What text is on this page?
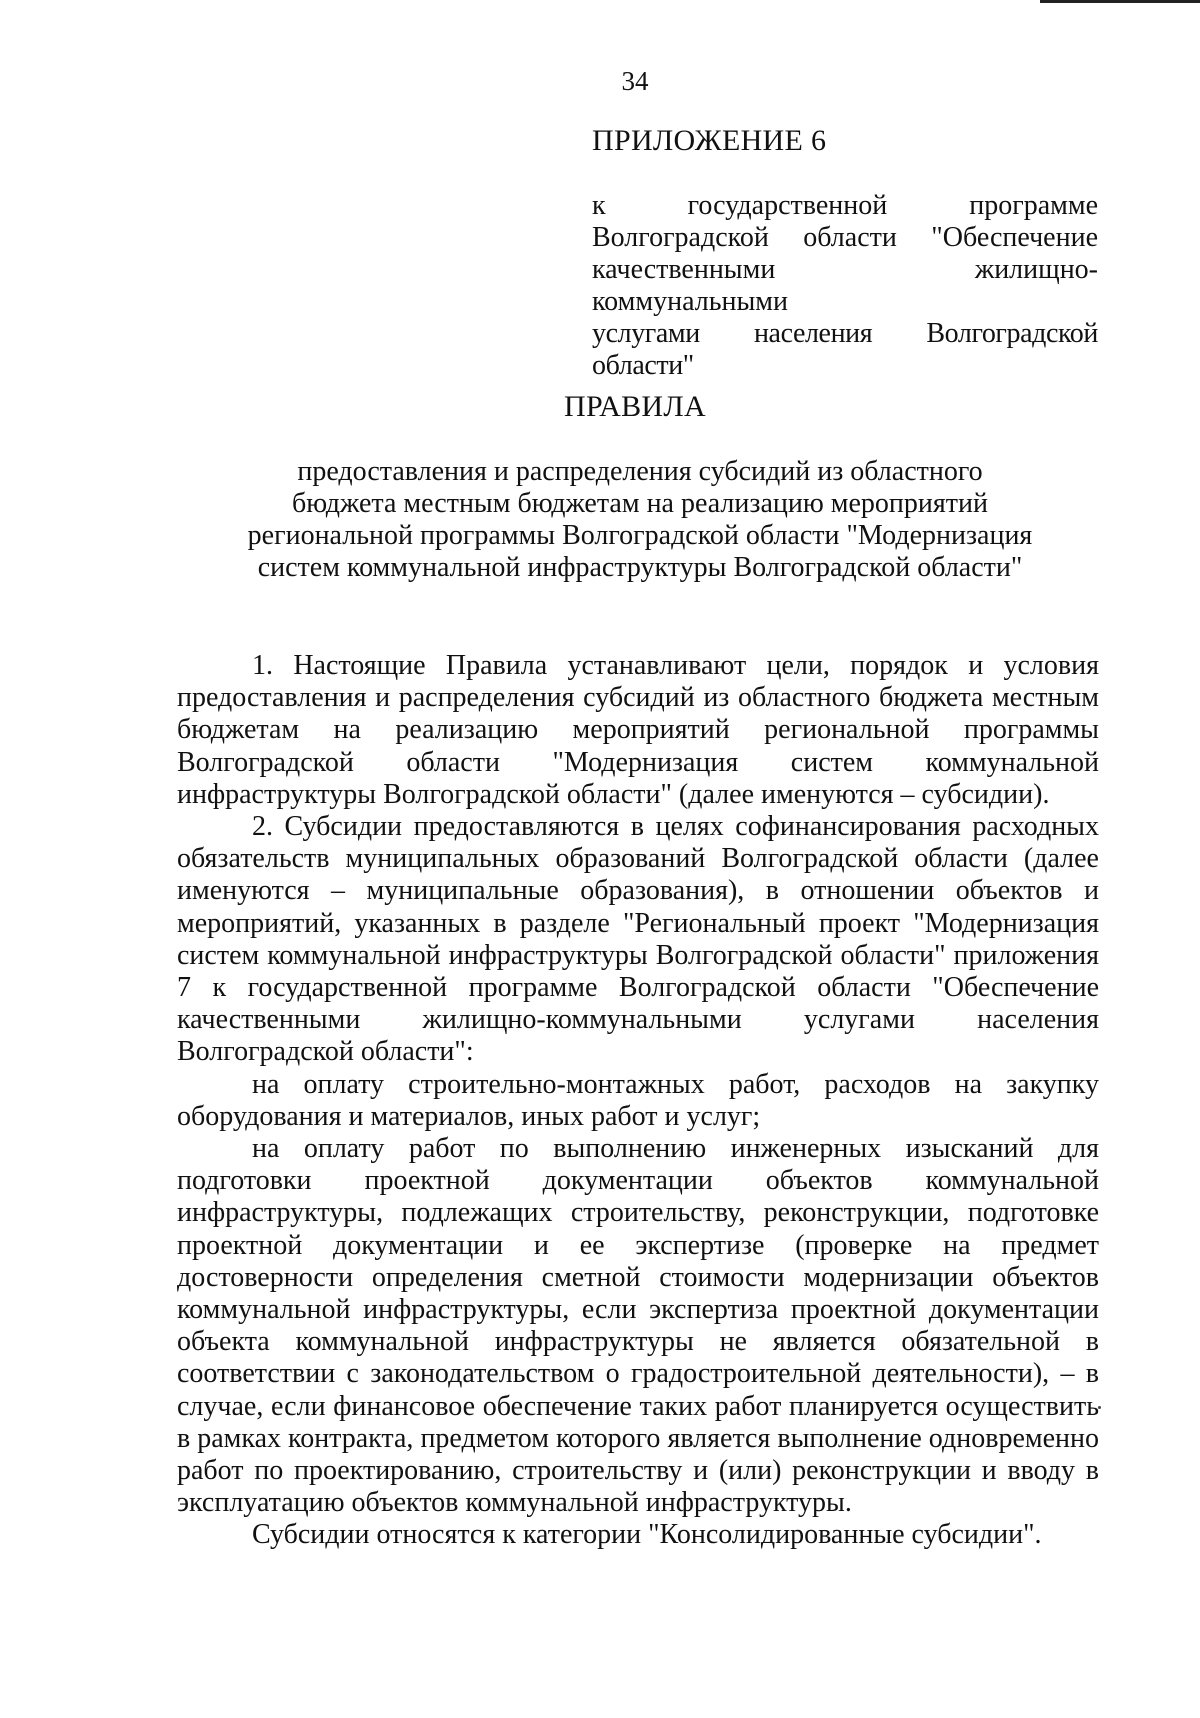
34
ПРИЛОЖЕНИЕ 6
к государственной программе
Волгоградской области "Обеспечение
качественными жилищно-коммунальными
услугами населения Волгоградской области"
ПРАВИЛА
предоставления и распределения субсидий из областного
бюджета местным бюджетам на реализацию мероприятий
региональной программы Волгоградской области "Модернизация
систем коммунальной инфраструктуры Волгоградской области"

1. Настоящие Правила устанавливают цели, порядок и условия предоставления и распределения субсидий из областного бюджета местным бюджетам на реализацию мероприятий региональной программы Волгоградской области "Модернизация систем коммунальной инфраструктуры Волгоградской области" (далее именуются – субсидии).

2. Субсидии предоставляются в целях софинансирования расходных обязательств муниципальных образований Волгоградской области (далее именуются – муниципальные образования), в отношении объектов и мероприятий, указанных в разделе "Региональный проект "Модернизация систем коммунальной инфраструктуры Волгоградской области" приложения 7 к государственной программе Волгоградской области "Обеспечение качественными жилищно-коммунальными услугами населения Волгоградской области":

на оплату строительно-монтажных работ, расходов на закупку оборудования и материалов, иных работ и услуг;

на оплату работ по выполнению инженерных изысканий для подготовки проектной документации объектов коммунальной инфраструктуры, подлежащих строительству, реконструкции, подготовке проектной документации и ее экспертизе (проверке на предмет достоверности определения сметной стоимости модернизации объектов коммунальной инфраструктуры, если экспертиза проектной документации объекта коммунальной инфраструктуры не является обязательной в соответствии с законодательством о градостроительной деятельности), – в случае, если финансовое обеспечение таких работ планируется осуществить в рамках контракта, предметом которого является выполнение одновременно работ по проектированию, строительству и (или) реконструкции и вводу в эксплуатацию объектов коммунальной инфраструктуры.

Субсидии относятся к категории "Консолидированные субсидии".
